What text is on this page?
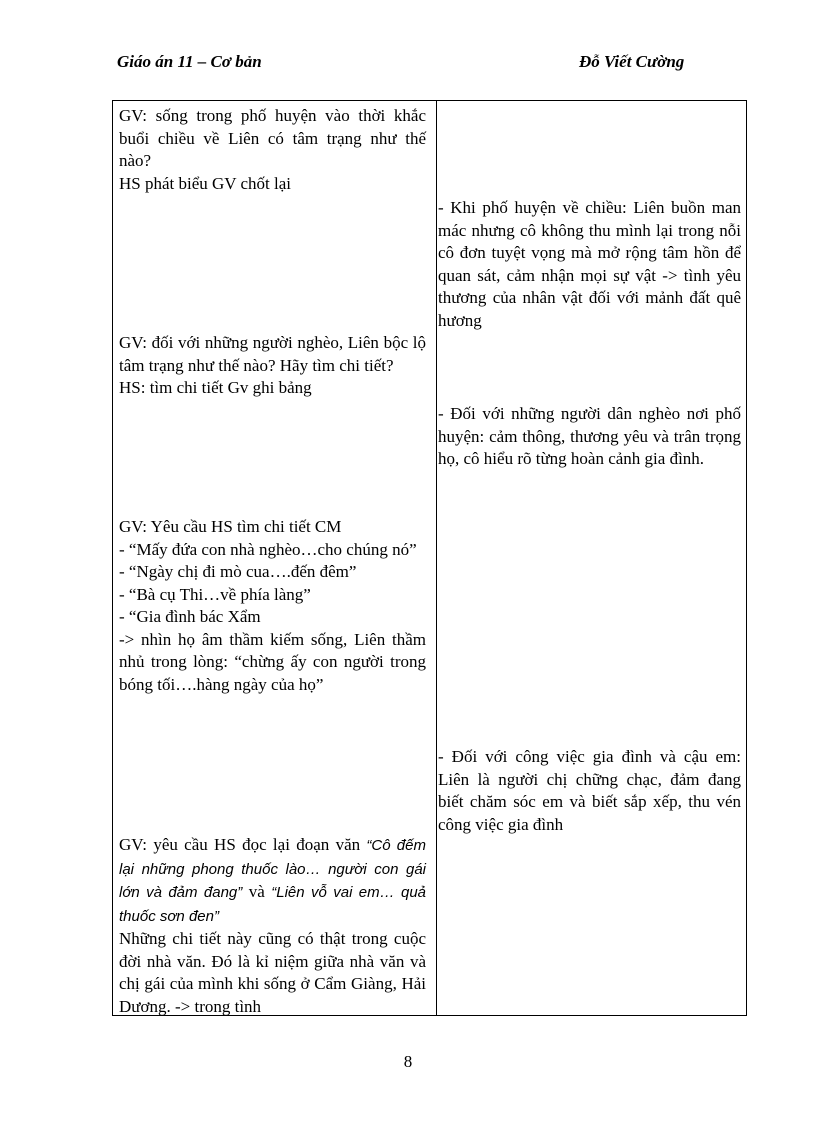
Giáo án 11 – Cơ bản	Đỗ Viết Cường

GV: sống trong phố huyện vào thời khắc buổi chiều về Liên có tâm trạng như thế nào?

HS phát biểu GV chốt lại

GV: đối với những người nghèo, Liên bộc lộ tâm trạng như thế nào? Hãy tìm chi tiết?

HS: tìm chi tiết Gv ghi bảng

GV: Yêu cầu HS tìm chi tiết CM

- “Mấy đứa con nhà nghèo…cho chúng nó”

- “Ngày chị đi mò cua….đến đêm”

- “Bà cụ Thi…về phía làng”

- “Gia đình bác Xẩm

-> nhìn họ âm thầm kiếm sống, Liên thầm nhủ trong lòng: “chừng ấy con người trong bóng tối….hàng ngày của họ”

GV: yêu cầu HS đọc lại đoạn văn “Cô đếm lại những phong thuốc lào… người con gái lớn và đảm đang” và “Liên vỗ vai em… quả thuốc sơn đen”

Những chi tiết này cũng có thật trong cuộc đời nhà văn. Đó là kỉ niệm giữa nhà văn và chị gái của mình khi sống ở Cẩm Giàng, Hải Dương. -> trong tình

- Khi phố huyện về chiều: Liên buồn man mác nhưng cô không thu mình lại trong nỗi cô đơn tuyệt vọng mà mở rộng tâm hồn để quan sát, cảm nhận mọi sự vật -> tình yêu thương của nhân vật đối với mảnh đất quê hương

- Đối với những người dân nghèo nơi phố huyện: cảm thông, thương yêu và trân trọng họ, cô hiểu rõ từng hoàn cảnh gia đình.

- Đối với công việc gia đình và cậu em: Liên là người chị chững chạc, đảm đang biết chăm sóc em và biết sắp xếp, thu vén công việc gia đình

8
